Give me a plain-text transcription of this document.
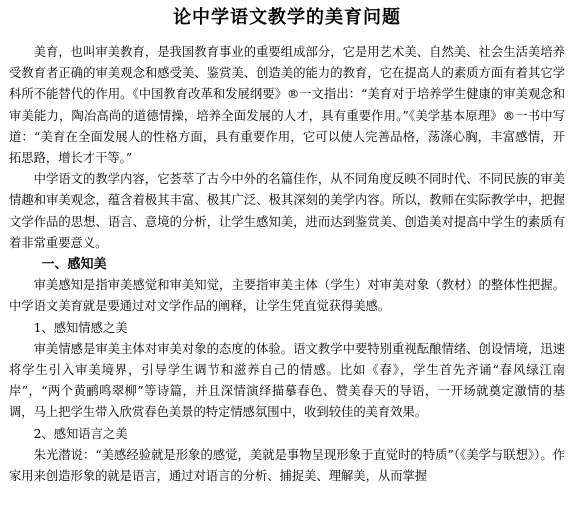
论中学语文教学的美育问题

美育，也叫审美教育，是我国教育事业的重要组成部分，它是用艺术美、自然美、社会生活美培养受教育者正确的审美观念和感受美、鉴赏美、创造美的能力的教育，它在提高人的素质方面有着其它学科所不能替代的作用。《中国教育改革和发展纲要》®一文指出：“美育对于培养学生健康的审美观念和审美能力，陶冶高尚的道德情操，培养全面发展的人才，具有重要作用。”《美学基本原理》®一书中写道：“美育在全面发展人的性格方面，具有重要作用，它可以使人完善品格，荡涤心胸，丰富感情，开拓思路，增长才干等。”

中学语文的教学内容，它荟萃了古今中外的名篇佳作，从不同角度反映不同时代、不同民族的审美情趣和审美观念，蕴含着极其丰富、极其广泛、极其深刻的美学内容。所以，教师在实际教学中，把握文学作品的思想、语言、意境的分析，让学生感知美，进而达到鉴赏美、创造美对提高中学生的素质有着非常重要意义。

一、感知美

审美感知是指审美感觉和审美知觉，主要指审美主体（学生）对审美对象（教材）的整体性把握。中学语文美育就是要通过对文学作品的阐释，让学生凭直觉获得美感。

1、感知情感之美

审美情感是审美主体对审美对象的态度的体验。语文教学中要特别重视酝酿情绪、创设情境，迅速将学生引入审美境界，引导学生调节和滋养自己的情感。比如《春》，学生首先齐诵“春风绿江南岸”，“两个黄鹂鸣翠柳”等诗篇，并且深情演绎描摹春色、赞美春天的导语，一开场就奠定激情的基调，马上把学生带入欣赏春色美景的特定情感氛围中，收到较佳的美育效果。

2、感知语言之美

朱光潜说：“美感经验就是形象的感觉，美就是事物呈现形象于直觉时的特质”（《美学与联想》）。作家用来创造形象的就是语言，通过对语言的分析、捕捉美、理解美，从而掌握
